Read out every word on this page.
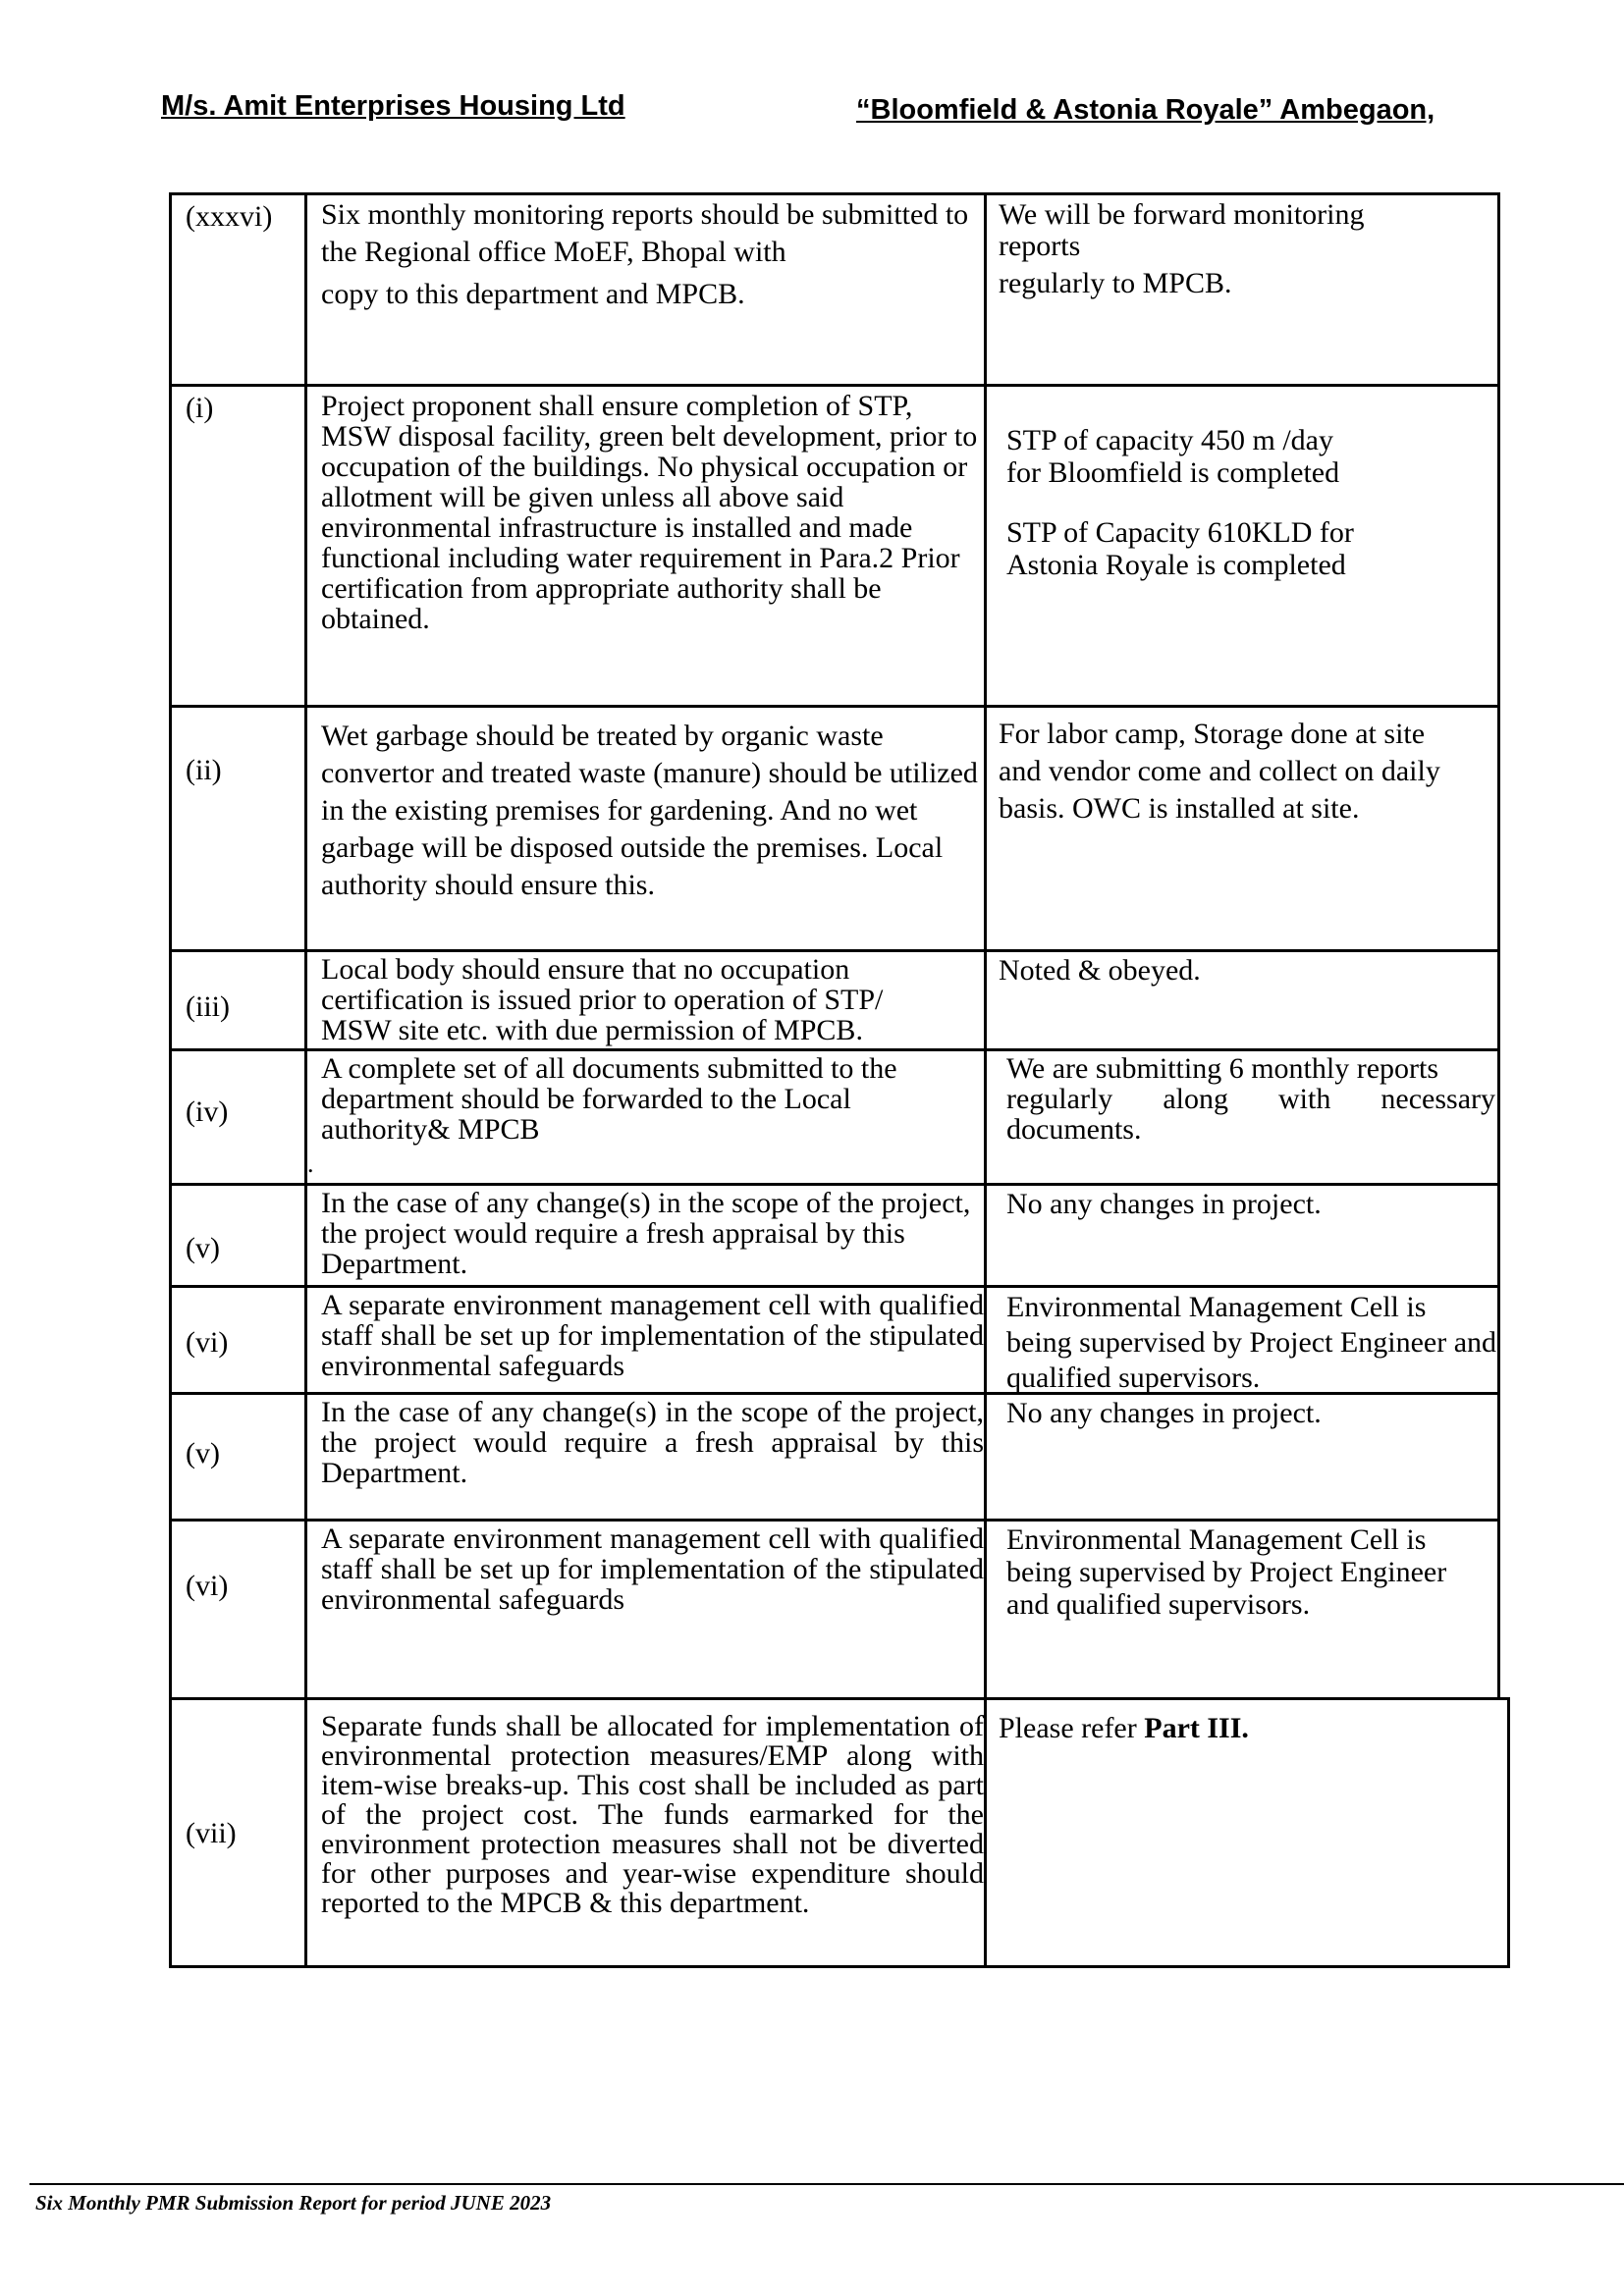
M/s. Amit Enterprises Housing Ltd	“Bloomfield & Astonia Royale” Ambegaon,
(xxxvi) Six monthly monitoring reports should be submitted to

the Regional office MoEF, Bhopal with

copy to this department and MPCB.

We will be forward monitoring reports

regularly to MPCB.

(i)	Project proponent shall ensure completion of STP, MSW disposal facility, green belt development, prior to occupation of the buildings. No physical occupation or allotment will be given unless all above said environmental infrastructure is installed and made functional including water requirement in Para.2 Prior certification from appropriate authority shall be obtained.

STP of capacity 450 m /day

for Bloomfield is completed

STP of Capacity 610KLD for

Astonia Royale is completed

(ii)
Wet garbage should be treated by organic waste convertor and treated waste (manure) should be utilized in the existing premises for gardening. And no wet garbage will be disposed outside the premises. Local authority should ensure this.
For labor camp, Storage done at site and vendor come and collect on daily basis. OWC is installed at site.
(iii)
Local body should ensure that no occupation certification is issued prior to operation of STP/ MSW site etc. with due permission of MPCB.
Noted & obeyed.
(iv)
A complete set of all documents submitted to the department should be forwarded to the Local authority& MPCB
.

We are submitting 6 monthly reports

regularly along with necessary

documents.

(v)
In the case of any change(s) in the scope of the project, the project would require a fresh appraisal by this Department.
No any changes in project.
(vi)
A separate environment management cell with qualified staff shall be set up for implementation of the stipulated environmental safeguards
Environmental Management Cell is being supervised by Project Engineer and qualified supervisors.
(v)
In the case of any change(s) in the scope of the project, the project would require a fresh appraisal by this Department.
No any changes in project.
(vi)
A separate environment management cell with qualified staff shall be set up for implementation of the stipulated environmental safeguards
Environmental Management Cell is being supervised by Project Engineer and qualified supervisors.
(vii)
Separate funds shall be allocated for implementation of environmental protection measures/EMP along with item-wise breaks-up. This cost shall be included as part of the project cost. The funds earmarked for the environment protection measures shall not be diverted for other purposes and year-wise expenditure should reported to the MPCB & this department.
Please refer Part III.
Six Monthly PMR Submission Report for period JUNE 2023
